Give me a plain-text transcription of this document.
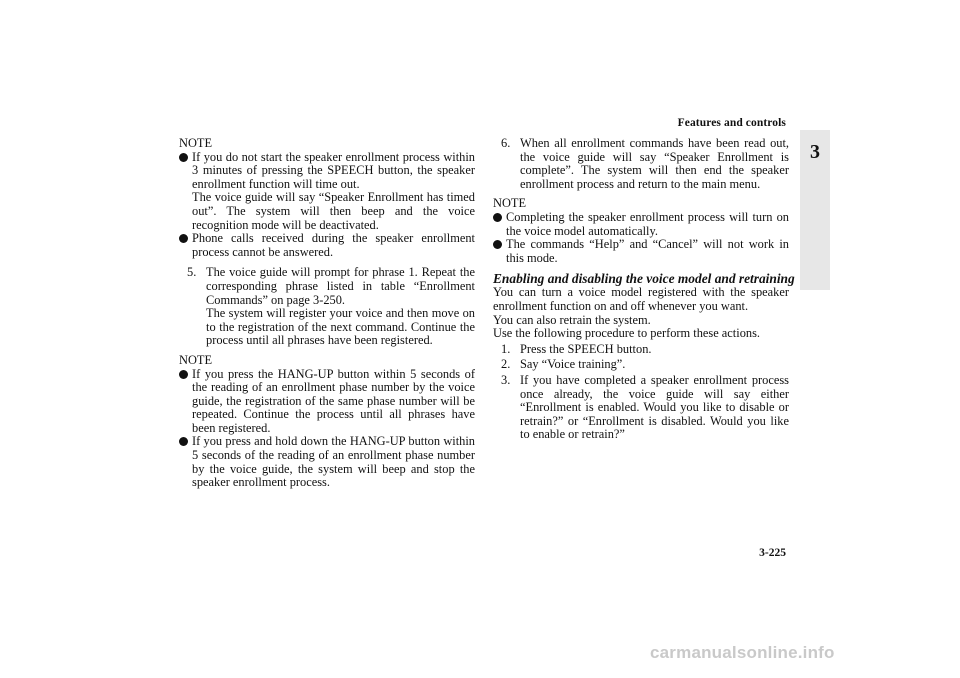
Features and controls
3

NOTE

If you do not start the speaker enrollment process within 3 minutes of pressing the SPEECH button, the speaker enrollment function will time out.

The voice guide will say “Speaker Enrollment has timed out”. The system will then beep and the voice recognition mode will be deactivated.

Phone calls received during the speaker enrollment process cannot be answered.

5. The voice guide will prompt for phrase 1. Repeat the corresponding phrase listed in table “Enrollment Commands” on page 3-250.

The system will register your voice and then move on to the registration of the next command. Continue the process until all phrases have been registered.

NOTE

If you press the HANG-UP button within 5 seconds of the reading of an enrollment phase number by the voice guide, the registration of the same phase number will be repeated. Continue the process until all phrases have been registered.

If you press and hold down the HANG-UP button within 5 seconds of the reading of an enrollment phase number by the voice guide, the system will beep and stop the speaker enrollment process.

6. When all enrollment commands have been read out, the voice guide will say “Speaker Enrollment is complete”. The system will then end the speaker enrollment process and return to the main menu.

NOTE

Completing the speaker enrollment process will turn on the voice model automatically.

The commands “Help” and “Cancel” will not work in this mode.

Enabling and disabling the voice model and retraining

You can turn a voice model registered with the speaker enrollment function on and off whenever you want.

You can also retrain the system.

Use the following procedure to perform these actions.

1. Press the SPEECH button.

2. Say “Voice training”.

3. If you have completed a speaker enrollment process once already, the voice guide will say either “Enrollment is enabled. Would you like to disable or retrain?” or “Enrollment is disabled. Would you like to enable or retrain?”

3-225
carmanualsonline.info
